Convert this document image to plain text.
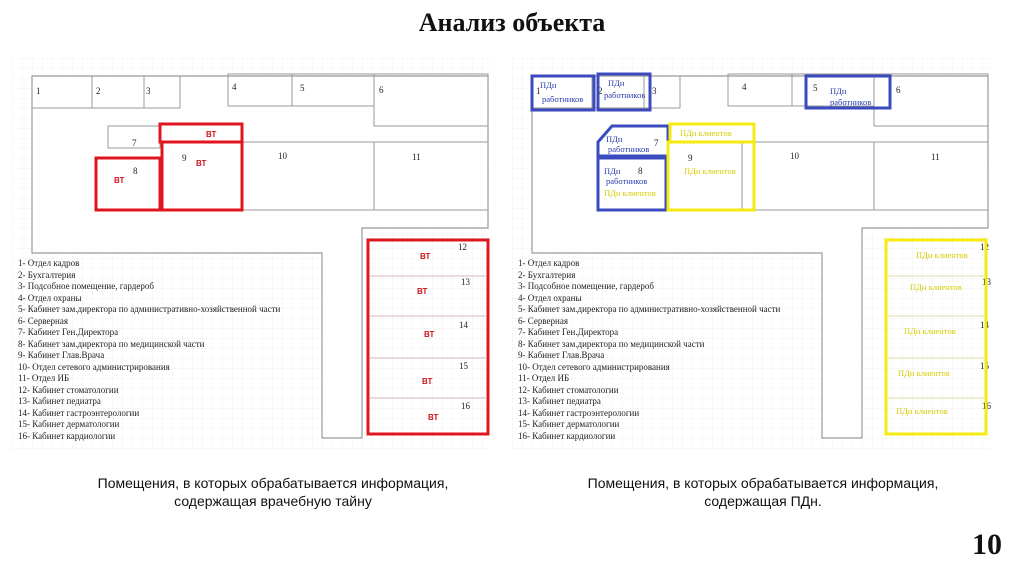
Анализ объекта
1	2	3	4	5	6
7
8
9	10	11
12
13
14
15
16
ВТ
ВТ
ВТ
ВТ
ВТ
ВТ
ВТ
ВТ
1- Отдел кадров
2- Бухгалтерия
3- Подсобное помещение, гардероб
4- Отдел охраны
5- Кабинет зам.директора по административно-хозяйственной части
6- Серверная
7- Кабинет Ген.Директора
8- Кабинет зам.директора по медицинской части
9- Кабинет Глав.Врача
10- Отдел сетевого администрирования
11- Отдел ИБ
12- Кабинет стоматологии
13- Кабинет педиатра
14- Кабинет гастроэнтерологии
15- Кабинет дерматологии
16- Кабинет кардиологии
1	2	3	4	5	6
7
8
9	10	11
12
13
14
15
16
ПДн
работников
ПДн
работников	ПДн
работников
ПДн
работников
ПДн
работников
ПДн клиентов
ПДн клиентов
ПДн клиентов
ПДн клиентов
ПДн клиентов
ПДн клиентов
ПДн клиентов
ПДн клиентов
1- Отдел кадров
2- Бухгалтерия
3- Подсобное помещение, гардероб
4- Отдел охраны
5- Кабинет зам.директора по административно-хозяйственной части
6- Серверная
7- Кабинет Ген.Директора
8- Кабинет зам.директора по медицинской части
9- Кабинет Глав.Врача
10- Отдел сетевого администрирования
11- Отдел ИБ
12- Кабинет стоматологии
13- Кабинет педиатра
14- Кабинет гастроэнтерологии
15- Кабинет дерматологии
16- Кабинет кардиологии
Помещения, в которых обрабатывается информация,
содержащая врачебную тайну
Помещения, в которых обрабатывается информация,
содержащая ПДн.
10
